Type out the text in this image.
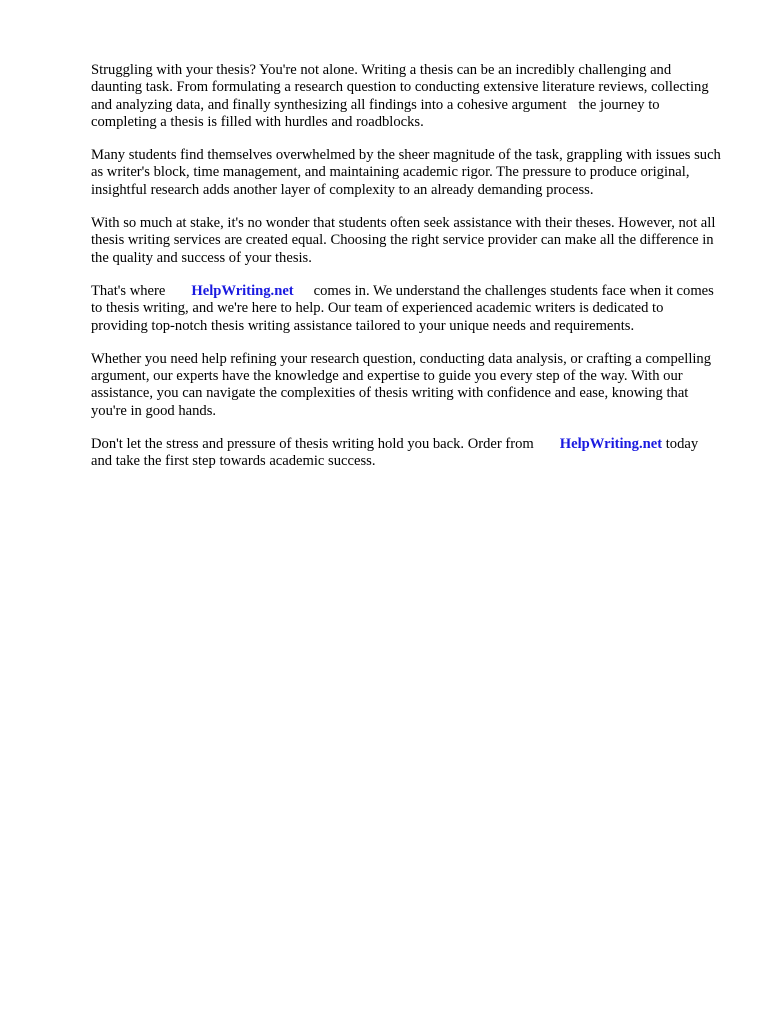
Struggling with your thesis? You're not alone. Writing a thesis can be an incredibly challenging and daunting task. From formulating a research question to conducting extensive literature reviews, collecting and analyzing data, and finally synthesizing all findings into a cohesive argument the journey to completing a thesis is filled with hurdles and roadblocks.

Many students find themselves overwhelmed by the sheer magnitude of the task, grappling with issues such as writer's block, time management, and maintaining academic rigor. The pressure to produce original, insightful research adds another layer of complexity to an already demanding process.

With so much at stake, it's no wonder that students often seek assistance with their theses. However, not all thesis writing services are created equal. Choosing the right service provider can make all the difference in the quality and success of your thesis.

That's where HelpWriting.net comes in. We understand the challenges students face when it comes to thesis writing, and we're here to help. Our team of experienced academic writers is dedicated to providing top-notch thesis writing assistance tailored to your unique needs and requirements.

Whether you need help refining your research question, conducting data analysis, or crafting a compelling argument, our experts have the knowledge and expertise to guide you every step of the way. With our assistance, you can navigate the complexities of thesis writing with confidence and ease, knowing that you're in good hands.

Don't let the stress and pressure of thesis writing hold you back. Order from HelpWriting.net today and take the first step towards academic success.
